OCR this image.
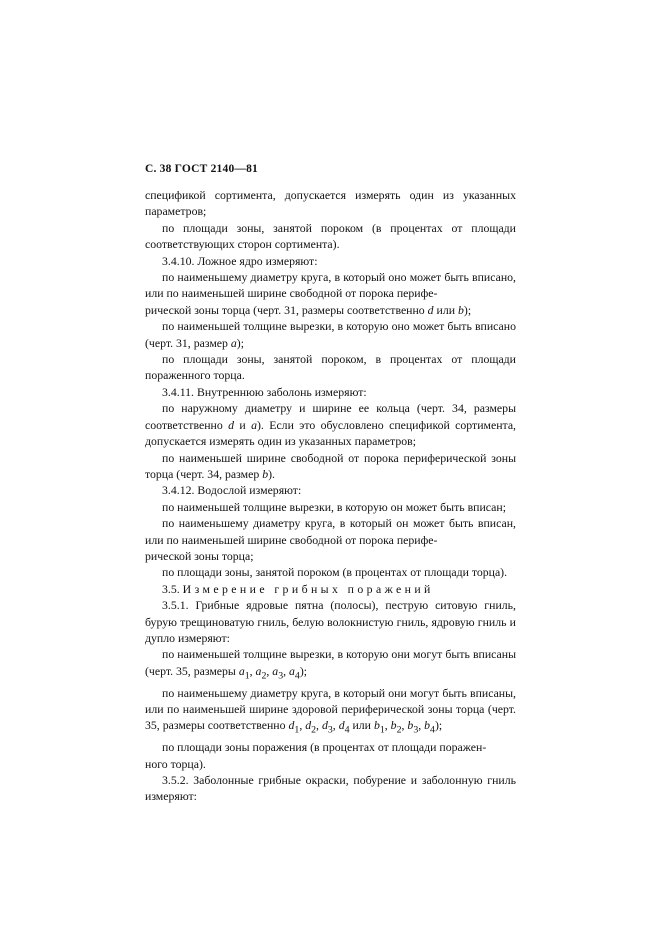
С. 38 ГОСТ 2140—81

спецификой сортимента, допускается измерять один из указанных параметров;

по площади зоны, занятой пороком (в процентах от площади соответствующих сторон сортимента).

3.4.10. Ложное ядро измеряют:

по наименьшему диаметру круга, в который оно может быть вписано, или по наименьшей ширине свободной от порока перифе-
рической зоны торца (черт. 31, размеры соответственно d или b);

по наименьшей толщине вырезки, в которую оно может быть вписано (черт. 31, размер a);

по площади зоны, занятой пороком, в процентах от площади пораженного торца.

3.4.11. Внутреннюю заболонь измеряют:

по наружному диаметру и ширине ее кольца (черт. 34, размеры соответственно d и a). Если это обусловлено спецификой сортимента, допускается измерять один из указанных параметров;

по наименьшей ширине свободной от порока периферической зоны торца (черт. 34, размер b).

3.4.12. Водослой измеряют:

по наименьшей толщине вырезки, в которую он может быть вписан;

по наименьшему диаметру круга, в который он может быть вписан, или по наименьшей ширине свободной от порока перифе-
рической зоны торца;

по площади зоны, занятой пороком (в процентах от площади торца).

3.5. Измерение грибных поражений

3.5.1. Грибные ядровые пятна (полосы), пеструю ситовую гниль, бурую трещиноватую гниль, белую волокнистую гниль, ядровую гниль и дупло измеряют:

по наименьшей толщине вырезки, в которую они могут быть вписаны (черт. 35, размеры $a_1$, $a_2$, $a_3$, $a_4$);

по наименьшему диаметру круга, в который они могут быть вписаны, или по наименьшей ширине здоровой периферической зоны торца (черт. 35, размеры соответственно $d_1$, $d_2$, $d_3$, $d_4$ или $b_1$, $b_2$, $b_3$, $b_4$);

по площади зоны поражения (в процентах от площади поражен-
ного торца).

3.5.2. Заболонные грибные окраски, побурение и заболонную гниль измеряют:
